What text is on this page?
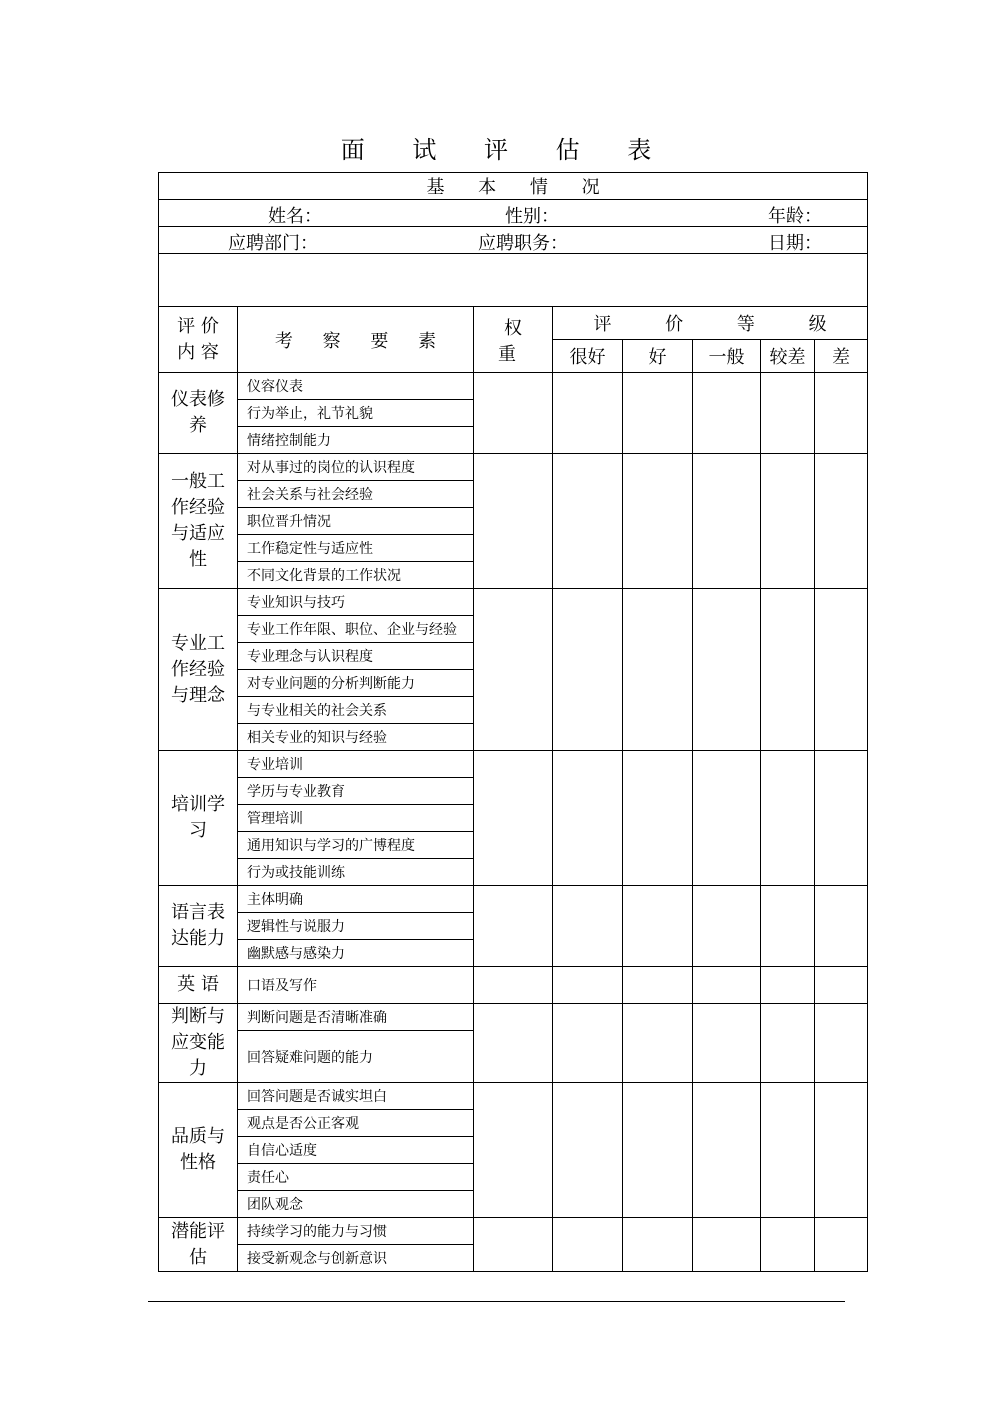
面 试 评 估 表
基 本 情 况							

姓名： 性别： 年龄：							

应聘部门： 应聘职务： 日期：							

评 价
内 容	考 察 要 素	权 重	评 价 等 级				
			很好	好	一般	较差	差
仪表修
养	仪容仪表						
	行为举止，礼节礼貌						
	情绪控制能力						
一般工
作经验
与适应
性	对从事过的岗位的认识程度						
	社会关系与社会经验						
	职位晋升情况						
	工作稳定性与适应性						
	不同文化背景的工作状况						
专业工
作经验
与理念	专业知识与技巧						
	专业工作年限、职位、企业与经验						
	专业理念与认识程度						
	对专业问题的分析判断能力						
	与专业相关的社会关系						
	相关专业的知识与经验						
培训学
习	专业培训						
	学历与专业教育						
	管理培训						
	通用知识与学习的广博程度						
	行为或技能训练						
语言表
达能力	主体明确						
	逻辑性与说服力						
	幽默感与感染力						
英 语	口语及写作						
判断与
应变能
力	判断问题是否清晰准确						
	回答疑难问题的能力						
品质与
性格	回答问题是否诚实坦白						
	观点是否公正客观						
	自信心适度						
	责任心						
	团队观念						
潜能评
估	持续学习的能力与习惯						
	接受新观念与创新意识						
